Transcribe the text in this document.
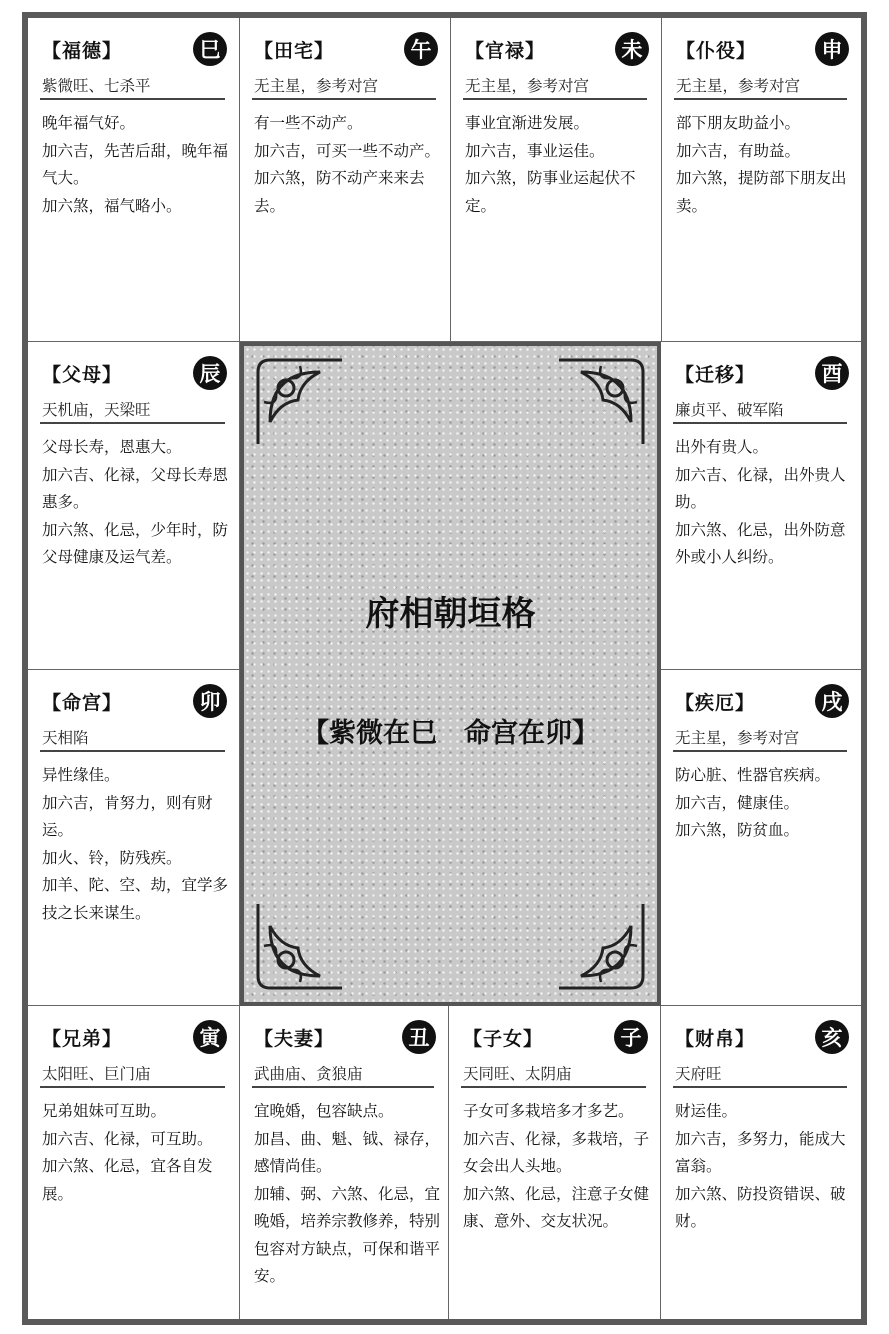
【福德】	巳
紫微旺、七杀平
晚年福气好。
加六吉，先苦后甜，晚年福气大。
加六煞，福气略小。
【田宅】	午
无主星，参考对宫
有一些不动产。
加六吉，可买一些不动产。
加六煞，防不动产来来去去。
【官禄】	未
无主星，参考对宫
事业宜渐进发展。
加六吉，事业运佳。
加六煞，防事业运起伏不定。
【仆役】	申
无主星，参考对宫
部下朋友助益小。
加六吉，有助益。
加六煞，提防部下朋友出卖。
【父母】	辰
天机庙，天梁旺
父母长寿，恩惠大。
加六吉、化禄，父母长寿恩惠多。
加六煞、化忌，少年时，防父母健康及运气差。
【迁移】	酉
廉贞平、破军陷
出外有贵人。
加六吉、化禄，出外贵人助。
加六煞、化忌，出外防意外或小人纠纷。
【命宫】	卯
天相陷
异性缘佳。
加六吉，肯努力，则有财运。
加火、铃，防残疾。
加羊、陀、空、劫，宜学多技之长来谋生。
【疾厄】	戌
无主星，参考对宫
防心脏、性器官疾病。
加六吉，健康佳。
加六煞，防贫血。
【兄弟】	寅
太阳旺、巨门庙
兄弟姐妹可互助。
加六吉、化禄，可互助。
加六煞、化忌，宜各自发展。
【夫妻】	丑
武曲庙、贪狼庙
宜晚婚，包容缺点。
加昌、曲、魁、钺、禄存，感情尚佳。
加辅、弼、六煞、化忌，宜晚婚，培养宗教修养，特别包容对方缺点，可保和谐平安。
【子女】	子
天同旺、太阴庙
子女可多栽培多才多艺。
加六吉、化禄，多栽培，子女会出人头地。
加六煞、化忌，注意子女健康、意外、交友状况。
【财帛】	亥
天府旺
财运佳。
加六吉，多努力，能成大富翁。
加六煞、防投资错误、破财。
府相朝垣格
【紫微在巳　命宫在卯】
